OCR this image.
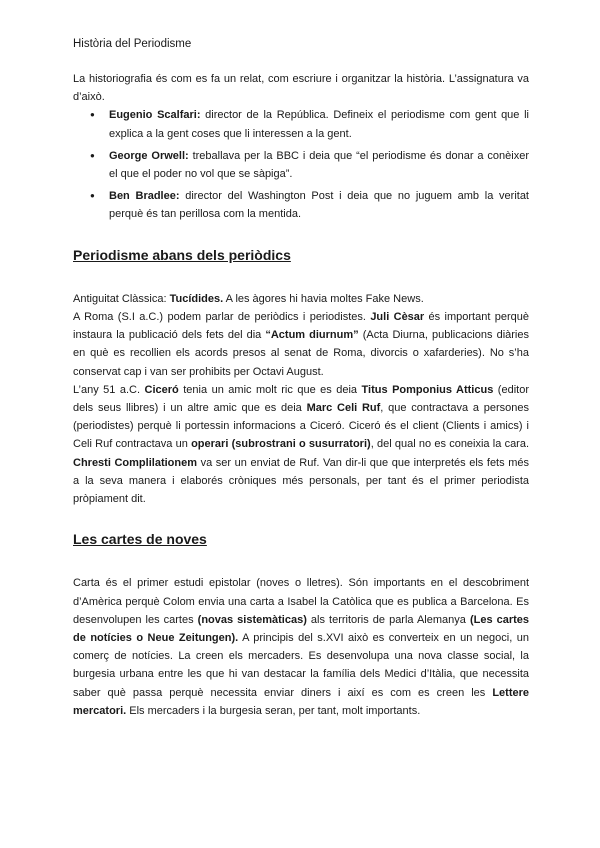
Història del Periodisme

La historiografia és com es fa un relat, com escriure i organitzar la història. L’assignatura va d’això.

● Eugenio Scalfari: director de la República. Defineix el periodisme com gent que li explica a la gent coses que li interessen a la gent.
● George Orwell: treballava per la BBC i deia que “el periodisme és donar a conèixer el que el poder no vol que se sàpiga”.
● Ben Bradlee: director del Washington Post i deia que no juguem amb la veritat perquè és tan perillosa com la mentida.
Periodisme abans dels periòdics

Antiguitat Clàssica: Tucídides. A les àgores hi havia moltes Fake News.

A Roma (S.I a.C.) podem parlar de periòdics i periodistes. Juli Cèsar és important perquè instaura la publicació dels fets del dia “Actum diurnum” (Acta Diurna, publicacions diàries en què es recollien els acords presos al senat de Roma, divorcis o xafarderies). No s’ha conservat cap i van ser prohibits per Octavi August.

L’any 51 a.C. Ciceró tenia un amic molt ric que es deia Titus Pomponius Atticus (editor dels seus llibres) i un altre amic que es deia Marc Celi Ruf, que contractava a persones (periodistes) perquè li portessin informacions a Ciceró. Ciceró és el client (Clients i amics) i Celi Ruf contractava un operari (subrostrani o susurratori), del qual no es coneixia la cara. Chresti Complilationem va ser un enviat de Ruf. Van dir-li que que interpretés els fets més a la seva manera i elaborés cròniques més personals, per tant és el primer periodista pròpiament dit.

Les cartes de noves

Carta és el primer estudi epistolar (noves o lletres). Són importants en el descobriment d’Amèrica perquè Colom envia una carta a Isabel la Catòlica que es publica a Barcelona. Es desenvolupen les cartes (novas sistemàticas) als territoris de parla Alemanya (Les cartes de notícies o Neue Zeitungen). A principis del s.XVI això es converteix en un negoci, un comerç de notícies. La creen els mercaders. Es desenvolupa una nova classe social, la burgesia urbana entre les que hi van destacar la família dels Medici d’Itàlia, que necessita saber què passa perquè necessita enviar diners i així es com es creen les Lettere mercatori. Els mercaders i la burgesia seran, per tant, molt importants.
